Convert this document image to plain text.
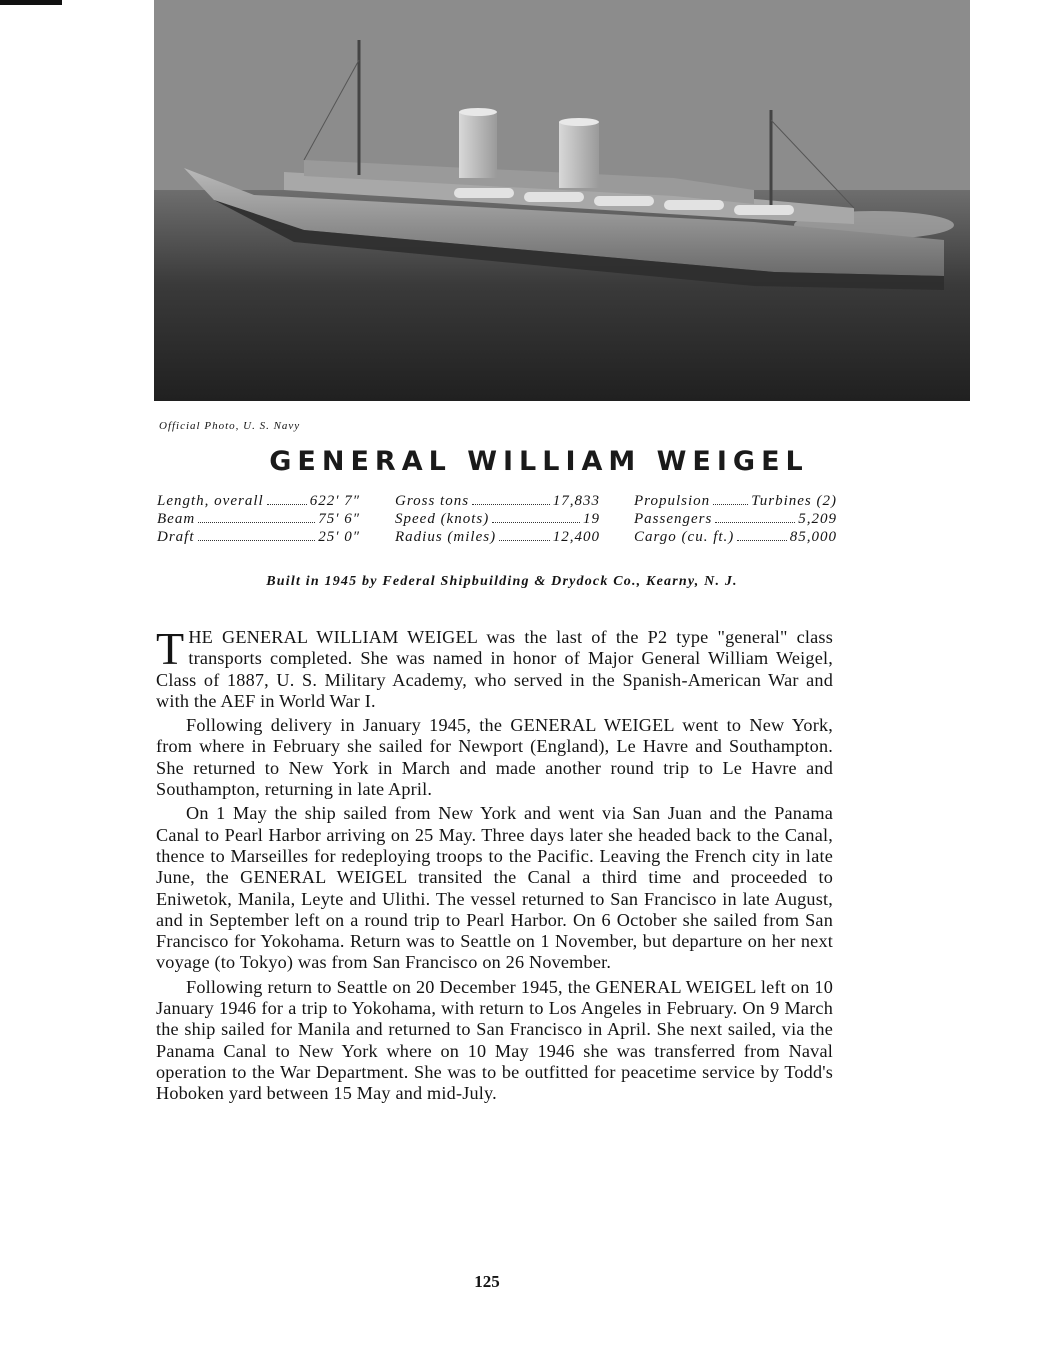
Official Photo, U. S. Navy
GENERAL WILLIAM WEIGEL
Length, overall	622′ 7″
Beam	75′ 6″
Draft	25′ 0″
Gross tons	17,833
Speed (knots)	19
Radius (miles)	12,400
Propulsion	Turbines (2)
Passengers	5,209
Cargo (cu. ft.)	85,000
Built in 1945 by Federal Shipbuilding & Drydock Co., Kearny, N. J.

THE GENERAL WILLIAM WEIGEL was the last of the P2 type "general" class transports completed. She was named in honor of Major General William Weigel, Class of 1887, U. S. Military Academy, who served in the Spanish-American War and with the AEF in World War I.

Following delivery in January 1945, the GENERAL WEIGEL went to New York, from where in February she sailed for Newport (England), Le Havre and Southampton. She returned to New York in March and made another round trip to Le Havre and Southampton, returning in late April.

On 1 May the ship sailed from New York and went via San Juan and the Panama Canal to Pearl Harbor arriving on 25 May. Three days later she headed back to the Canal, thence to Marseilles for redeploying troops to the Pacific. Leaving the French city in late June, the GENERAL WEIGEL transited the Canal a third time and proceeded to Eniwetok, Manila, Leyte and Ulithi. The vessel returned to San Francisco in late August, and in September left on a round trip to Pearl Harbor. On 6 October she sailed from San Francisco for Yokohama. Return was to Seattle on 1 November, but departure on her next voyage (to Tokyo) was from San Francisco on 26 November.

Following return to Seattle on 20 December 1945, the GENERAL WEIGEL left on 10 January 1946 for a trip to Yokohama, with return to Los Angeles in February. On 9 March the ship sailed for Manila and returned to San Francisco in April. She next sailed, via the Panama Canal to New York where on 10 May 1946 she was transferred from Naval operation to the War Department. She was to be outfitted for peacetime service by Todd's Hoboken yard between 15 May and mid-July.

125
